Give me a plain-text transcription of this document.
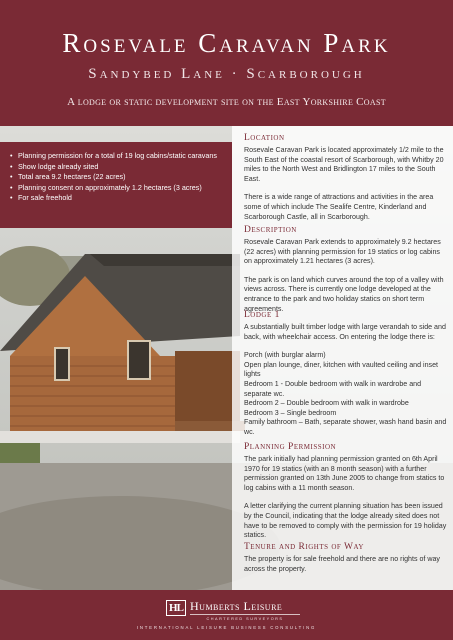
Rosevale Caravan Park
Sandybed Lane · Scarborough
A lodge or static development site on the East Yorkshire Coast
• Planning permission for a total of 19 log cabins/static caravans
• Show lodge already sited
• Total area 9.2 hectares (22 acres)
• Planning consent on approximately 1.2 hectares (3 acres)
• For sale freehold
Location

Rosevale Caravan Park is located approximately 1/2 mile to the South East of the coastal resort of Scarborough, with Whitby 20 miles to the North West and Bridlington 17 miles to the South East.

There is a wide range of attractions and activities in the area some of which include The Sealife Centre, Kinderland and Scarborough Castle, all in Scarborough.

Description

Rosevale Caravan Park extends to approximately 9.2 hectares (22 acres) with planning permission for 19 statics or log cabins on approximately 1.21 hectares (3 acres).

The park is on land which curves around the top of a valley with views across. There is currently one lodge developed at the entrance to the park and two holiday statics on short term agreements.

Lodge 1

A substantially built timber lodge with large verandah to side and back, with wheelchair access. On entering the lodge there is:

Porch (with burglar alarm)
Open plan lounge, diner, kitchen with vaulted ceiling and inset lights
Bedroom 1 - Double bedroom with walk in wardrobe and separate wc.
Bedroom 2 – Double bedroom with walk in wardrobe
Bedroom 3 – Single bedroom
Family bathroom – Bath, separate shower, wash hand basin and wc.

Planning Permission

The park initially had planning permission granted on 6th April 1970 for 19 statics (with an 8 month season) with a further permission granted on 13th June 2005 to change from statics to log cabins with a 11 month season.

A letter clarifying the current planning situation has been issued by the Council, indicating that the lodge already sited does not have to be removed to comply with the permission for 19 holiday statics.

Tenure and Rights of Way

The property is for sale freehold and there are no rights of way across the property.

HL Humberts Leisure
CHARTERED SURVEYORS
INTERNATIONAL LEISURE BUSINESS CONSULTING
